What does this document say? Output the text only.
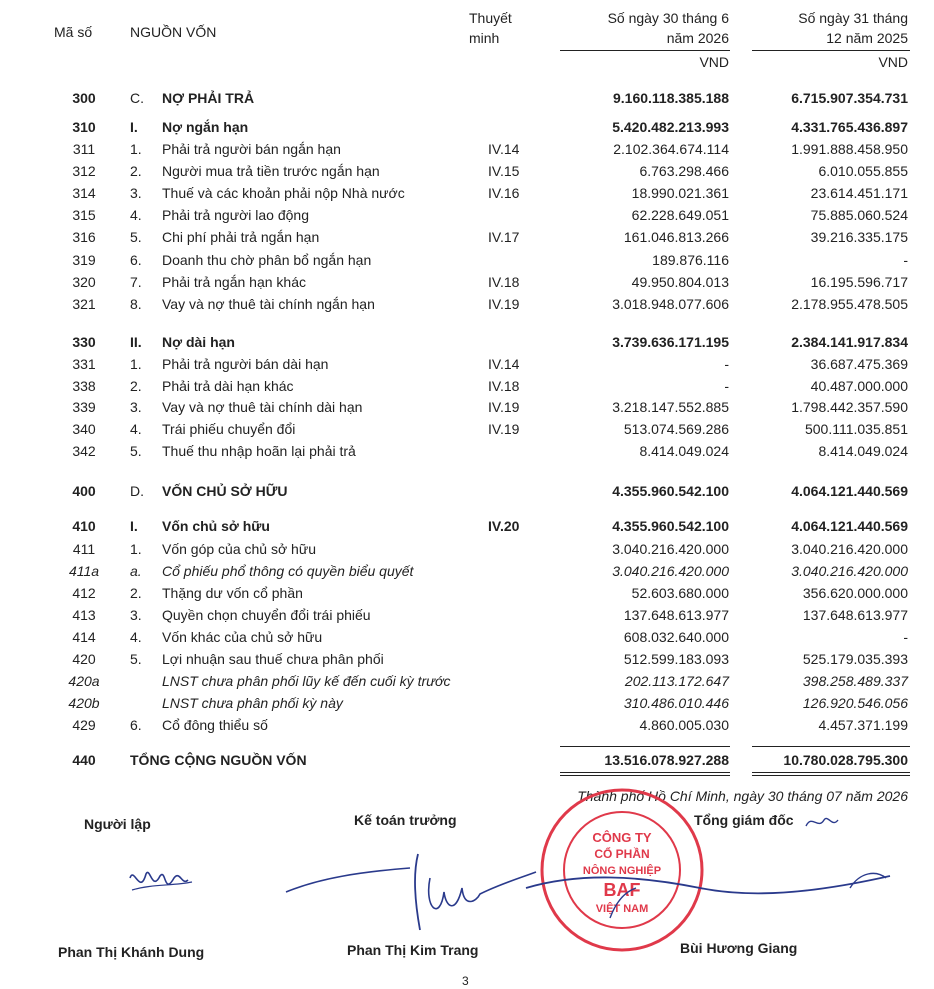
Mã số	NGUỒN VỐN
Thuyết
minh
Số ngày 30 tháng 6
năm 2026
Số ngày 31 tháng
12 năm 2025
VND	VND
300	C. NỢ PHẢI TRẢ	9.160.118.385.188	6.715.907.354.731
310	I. Nợ ngắn hạn	5.420.482.213.993	4.331.765.436.897
311	1. Phải trả người bán ngắn hạn	IV.14	2.102.364.674.114	1.991.888.458.950
312	2. Người mua trả tiền trước ngắn hạn	IV.15	6.763.298.466	6.010.055.855
314	3. Thuế và các khoản phải nộp Nhà nước	IV.16	18.990.021.361	23.614.451.171
315	4. Phải trả người lao động	62.228.649.051	75.885.060.524
316	5. Chi phí phải trả ngắn hạn	IV.17	161.046.813.266	39.216.335.175
319	6. Doanh thu chờ phân bổ ngắn hạn	189.876.116	-
320	7. Phải trả ngắn hạn khác	IV.18	49.950.804.013	16.195.596.717
321	8. Vay và nợ thuê tài chính ngắn hạn	IV.19	3.018.948.077.606	2.178.955.478.505
330	II. Nợ dài hạn	3.739.636.171.195	2.384.141.917.834
331	1. Phải trả người bán dài hạn	IV.14	-	36.687.475.369
338	2. Phải trả dài hạn khác	IV.18	-	40.487.000.000
339	3. Vay và nợ thuê tài chính dài hạn	IV.19	3.218.147.552.885	1.798.442.357.590
340	4. Trái phiếu chuyển đổi	IV.19	513.074.569.286	500.111.035.851
342	5. Thuế thu nhập hoãn lại phải trả	8.414.049.024	8.414.049.024
400	D. VỐN CHỦ SỞ HỮU	4.355.960.542.100	4.064.121.440.569
410	I. Vốn chủ sở hữu	IV.20	4.355.960.542.100	4.064.121.440.569
411	1. Vốn góp của chủ sở hữu	3.040.216.420.000	3.040.216.420.000
411a	a. Cổ phiếu phổ thông có quyền biểu quyết	3.040.216.420.000	3.040.216.420.000
412	2. Thặng dư vốn cổ phần	52.603.680.000	356.620.000.000
413	3. Quyền chọn chuyển đổi trái phiếu	137.648.613.977	137.648.613.977
414	4. Vốn khác của chủ sở hữu	608.032.640.000	-
420	5. Lợi nhuận sau thuế chưa phân phối	512.599.183.093	525.179.035.393
420a	LNST chưa phân phối lũy kế đến cuối kỳ trước	202.113.172.647	398.258.489.337
420b	LNST chưa phân phối kỳ này	310.486.010.446	126.920.546.056
429	6. Cổ đông thiểu số	4.860.005.030	4.457.371.199
440	TỔNG CỘNG NGUỒN VỐN	13.516.078.927.288	10.780.028.795.300
Thành phố Hồ Chí Minh, ngày 30 tháng 07 năm 2026
Người lập	Kế toán trưởng	Tổng giám đốc
CÔNG TY
CỔ PHẦN
NÔNG NGHIỆP
BAF
VIỆT NAM
Phan Thị Khánh Dung	Phan Thị Kim Trang	Bùi Hương Giang
3
